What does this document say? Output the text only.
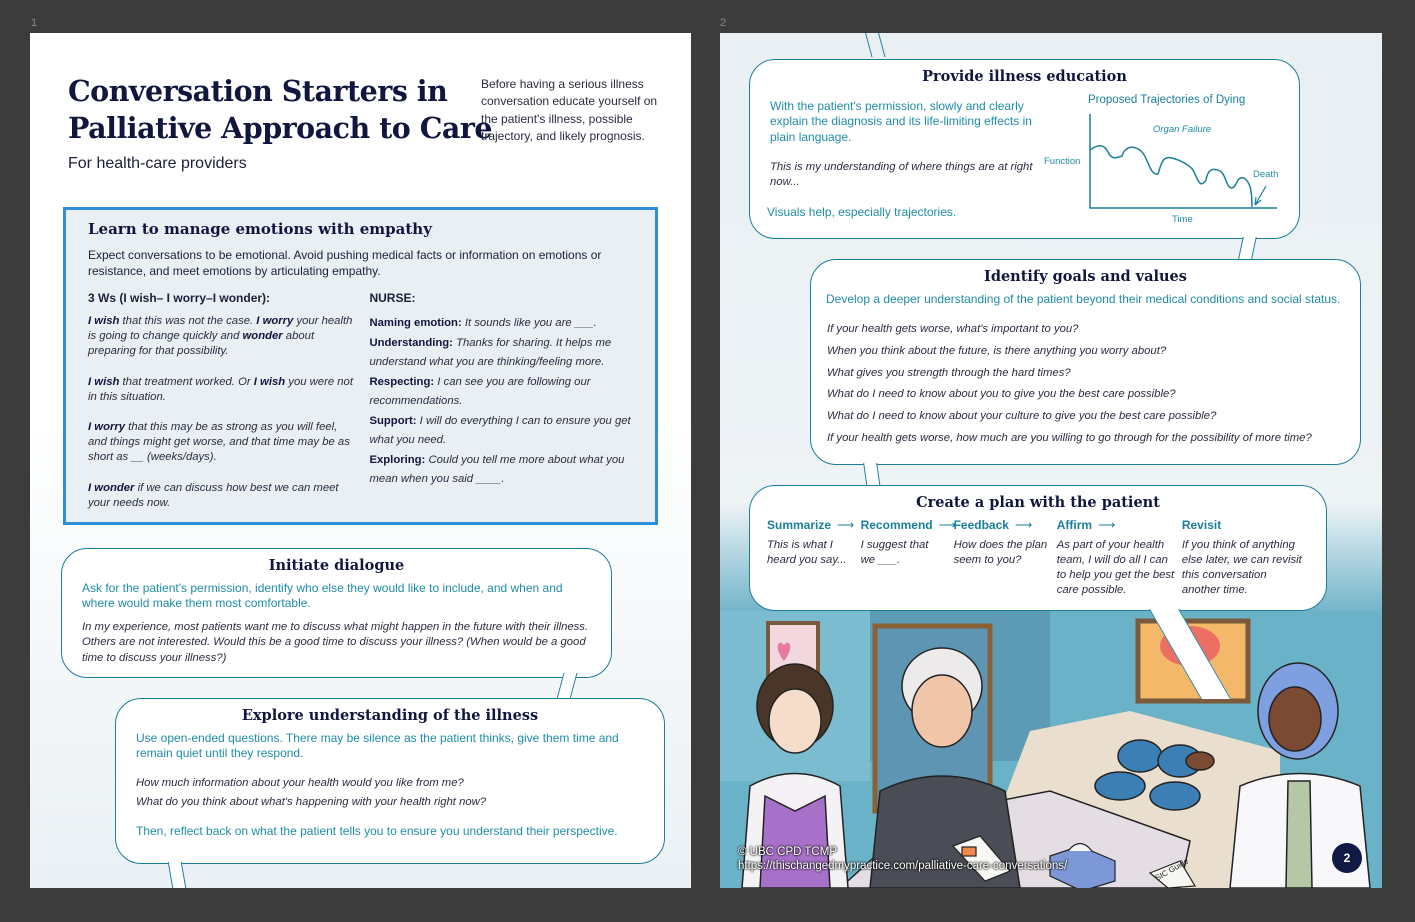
1	2
Conversation Starters in
Palliative Approach to Care
For health-care providers
Before having a serious illness conversation educate yourself on the patient's illness, possible trajectory, and likely prognosis.
Learn to manage emotions with empathy

Expect conversations to be emotional. Avoid pushing medical facts or information on emotions or resistance, and meet emotions by articulating empathy.

3 Ws (I wish– I worry–I wonder):
I wish that this was not the case. I worry your health is going to change quickly and wonder about preparing for that possibility.
I wish that treatment worked. Or I wish you were not in this situation.
I worry that this may be as strong as you will feel, and things might get worse, and that time may be as short as __ (weeks/days).
I wonder if we can discuss how best we can meet your needs now.
NURSE:
Naming emotion: It sounds like you are ___.
Understanding: Thanks for sharing. It helps me understand what you are thinking/feeling more.
Respecting: I can see you are following our recommendations.
Support: I will do everything I can to ensure you get what you need.
Exploring: Could you tell me more about what you mean when you said ____.
Initiate dialogue

Ask for the patient's permission, identify who else they would like to include, and when and where would make them most comfortable.

In my experience, most patients want me to discuss what might happen in the future with their illness. Others are not interested. Would this be a good time to discuss your illness? (When would be a good time to discuss your illness?)

Explore understanding of the illness

Use open-ended questions. There may be silence as the patient thinks, give them time and remain quiet until they respond.

How much information about your health would you like from me?

What do you think about what's happening with your health right now?

Then, reflect back on what the patient tells you to ensure you understand their perspective.

Provide illness education

With the patient's permission, slowly and clearly explain the diagnosis and its life-limiting effects in plain language.

This is my understanding of where things are at right now...

Visuals help, especially trajectories.

Proposed Trajectories of Dying
Organ Failure
Function
Time
Death
Identify goals and values

Develop a deeper understanding of the patient beyond their medical conditions and social status.

If your health gets worse, what's important to you?

When you think about the future, is there anything you worry about?

What gives you strength through the hard times?

What do I need to know about you to give you the best care possible?

What do I need to know about your culture to give you the best care possible?

If your health gets worse, how much are you willing to go through for the possibility of more time?

Create a plan with the patient
Summarize ⟶
This is what I heard you say...
Recommend ⟶
I suggest that we ___.
Feedback ⟶
How does the plan seem to you?
Affirm ⟶
As part of your health team, I will do all I can to help you get the best care possible.
Revisit
If you think of anything else later, we can revisit this conversation another time.
SIC Guide
© UBC CPD TCMP
https://thischangedmypractice.com/palliative-care-conversations/
2
